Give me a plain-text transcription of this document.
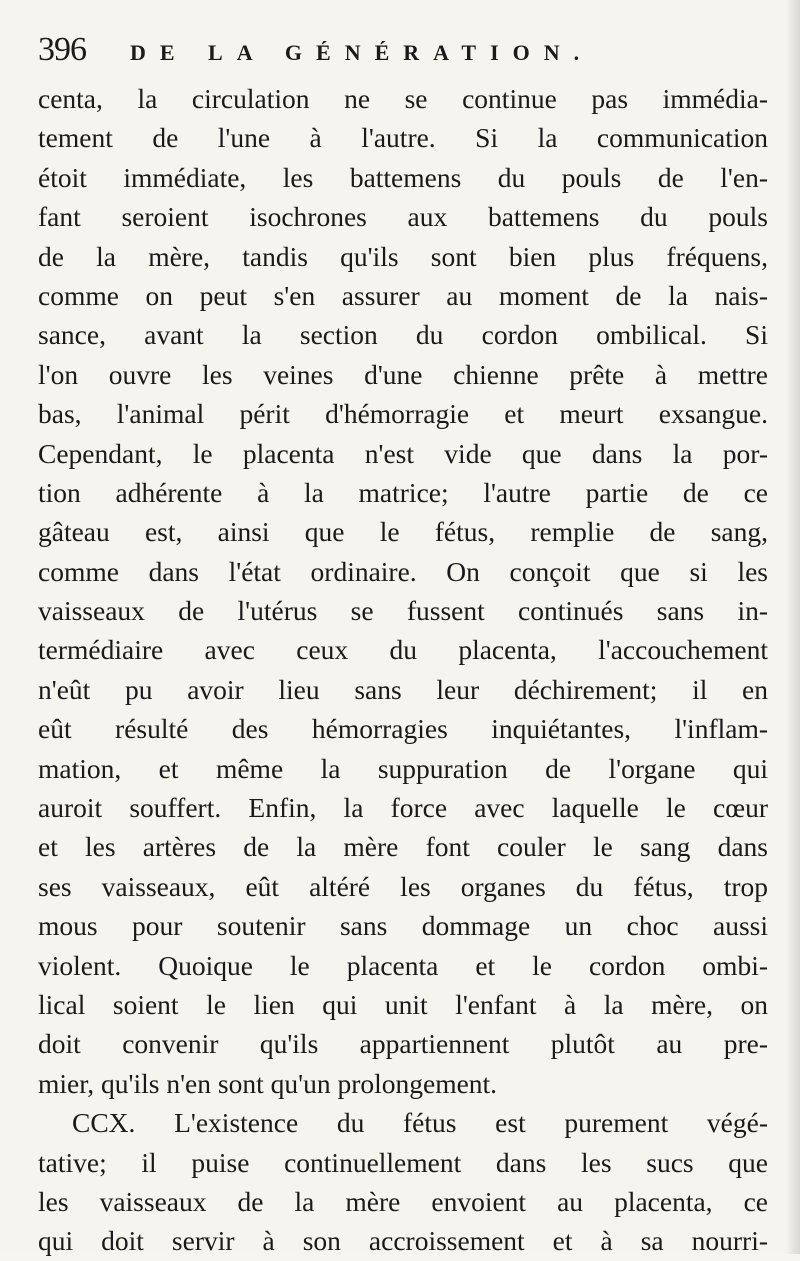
396 DE LA GÉNÉRATION.
centa, la circulation ne se continue pas immédia-
tement de l'une à l'autre. Si la communication
étoit immédiate, les battemens du pouls de l'en-
fant seroient isochrones aux battemens du pouls
de la mère, tandis qu'ils sont bien plus fréquens,
comme on peut s'en assurer au moment de la nais-
sance, avant la section du cordon ombilical. Si
l'on ouvre les veines d'une chienne prête à mettre
bas, l'animal périt d'hémorragie et meurt exsangue.
Cependant, le placenta n'est vide que dans la por-
tion adhérente à la matrice; l'autre partie de ce
gâteau est, ainsi que le fétus, remplie de sang,
comme dans l'état ordinaire. On conçoit que si les
vaisseaux de l'utérus se fussent continués sans in-
termédiaire avec ceux du placenta, l'accouchement
n'eût pu avoir lieu sans leur déchirement; il en
eût résulté des hémorragies inquiétantes, l'inflam-
mation, et même la suppuration de l'organe qui
auroit souffert. Enfin, la force avec laquelle le cœur
et les artères de la mère font couler le sang dans
ses vaisseaux, eût altéré les organes du fétus, trop
mous pour soutenir sans dommage un choc aussi
violent. Quoique le placenta et le cordon ombi-
lical soient le lien qui unit l'enfant à la mère, on
doit convenir qu'ils appartiennent plutôt au pre-
mier, qu'ils n'en sont qu'un prolongement.
CCX. L'existence du fétus est purement végé-
tative; il puise continuellement dans les sucs que
les vaisseaux de la mère envoient au placenta, ce
qui doit servir à son accroissement et à sa nourri-
